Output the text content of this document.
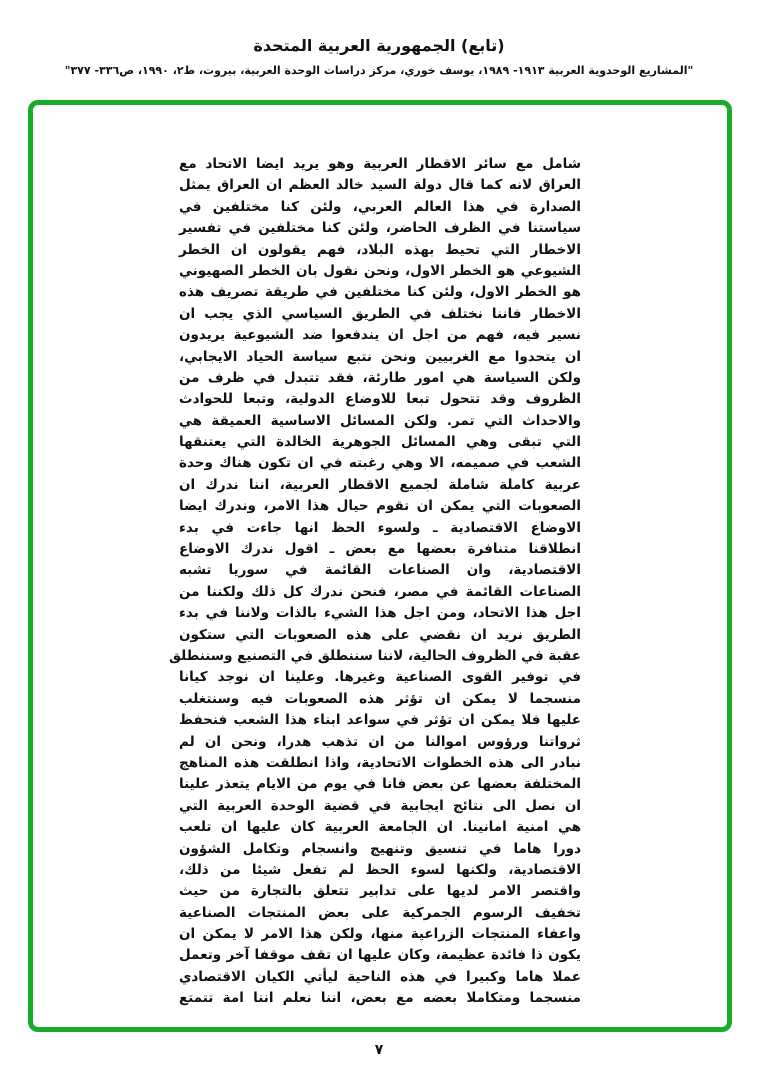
(تابع) الجمهورية العربية المتحدة
"المشاريع الوحدوية العربية ١٩١٣- ١٩٨٩، يوسف خوري، مركز دراسات الوحدة العربية، بيروت، ط٢، ١٩٩٠، ص٣٣٦- ٣٧٧"
شامل مع سائر الاقطار العربية وهو يريد ايضا الاتحاد مع
العراق لانه كما قال دولة السيد خالد العظم ان العراق يمثل
الصدارة في هذا العالم العربي، ولئن كنا مختلفين في
سياستنا في الظرف الحاضر، ولئن كنا مختلفين في تفسير
الاخطار التي تحيط بهذه البلاد، فهم يقولون ان الخطر
الشيوعي هو الخطر الاول، ونحن نقول بان الخطر الصهيوني
هو الخطر الاول، ولئن كنا مختلفين في طريقة تصريف هذه
الاخطار فاننا نختلف في الطريق السياسي الذي يجب ان
نسير فيه، فهم من اجل ان يندفعوا ضد الشيوعية يريدون
ان يتحدوا مع الغربيين ونحن نتبع سياسة الحياد الايجابي،
ولكن السياسة هي امور طارئة، فقد تتبدل في ظرف من
الظروف وقد تتحول تبعا للاوضاع الدولية، وتبعا للحوادث
والاحداث التي تمر. ولكن المسائل الاساسية العميقة هي
التي تبقى وهي المسائل الجوهرية الخالدة التي يعتنقها
الشعب في صميمه، الا وهي رغبته في ان تكون هناك وحدة
عربية كاملة شاملة لجميع الاقطار العربية، اننا ندرك ان
الصعوبات التي يمكن ان تقوم حيال هذا الامر، وندرك ايضا
الاوضاع الاقتصادية ـ ولسوء الحظ انها جاءت في بدء
انطلاقنا متنافرة بعضها مع بعض ـ اقول ندرك الاوضاع
الاقتصادية، وان الصناعات القائمة في سوريا تشبه
الصناعات القائمة في مصر، فنحن ندرك كل ذلك ولكننا من
اجل هذا الاتحاد، ومن اجل هذا الشيء بالذات ولاننا في بدء
الطريق نريد ان نقضي على هذه الصعوبات التي ستكون
عقبة في الظروف الحالية، لاننا سننطلق في التصنيع وسننطلق
في توفير القوى الصناعية وغيرها. وعلينا ان نوجد كيانا
منسجما لا يمكن ان تؤثر هذه الصعوبات فيه وسنتغلب
عليها فلا يمكن ان تؤثر في سواعد ابناء هذا الشعب فنحفظ
ثرواتنا ورؤوس اموالنا من ان تذهب هدرا، ونحن ان لم
نبادر الى هذه الخطوات الاتحادية، واذا انطلقت هذه المناهج
المختلفة بعضها عن بعض فانا في يوم من الايام يتعذر علينا
ان نصل الى نتائج ايجابية في قضية الوحدة العربية التي
هي امنية امانينا. ان الجامعة العربية كان عليها ان تلعب
دورا هاما في تنسيق وتنهيج وانسجام وتكامل الشؤون
الاقتصادية، ولكنها لسوء الحظ لم تفعل شيئا من ذلك،
واقتصر الامر لديها على تدابير تتعلق بالتجارة من حيث
تخفيف الرسوم الجمركية على بعض المنتجات الصناعية
واعفاء المنتجات الزراعية منها، ولكن هذا الامر لا يمكن ان
يكون ذا فائدة عظيمة، وكان عليها ان تقف موقفا آخر وتعمل
عملا هاما وكبيرا في هذه الناحية ليأتي الكيان الاقتصادي
منسجما ومتكاملا بعضه مع بعض، اننا نعلم اننا امة تتمتع
٧
